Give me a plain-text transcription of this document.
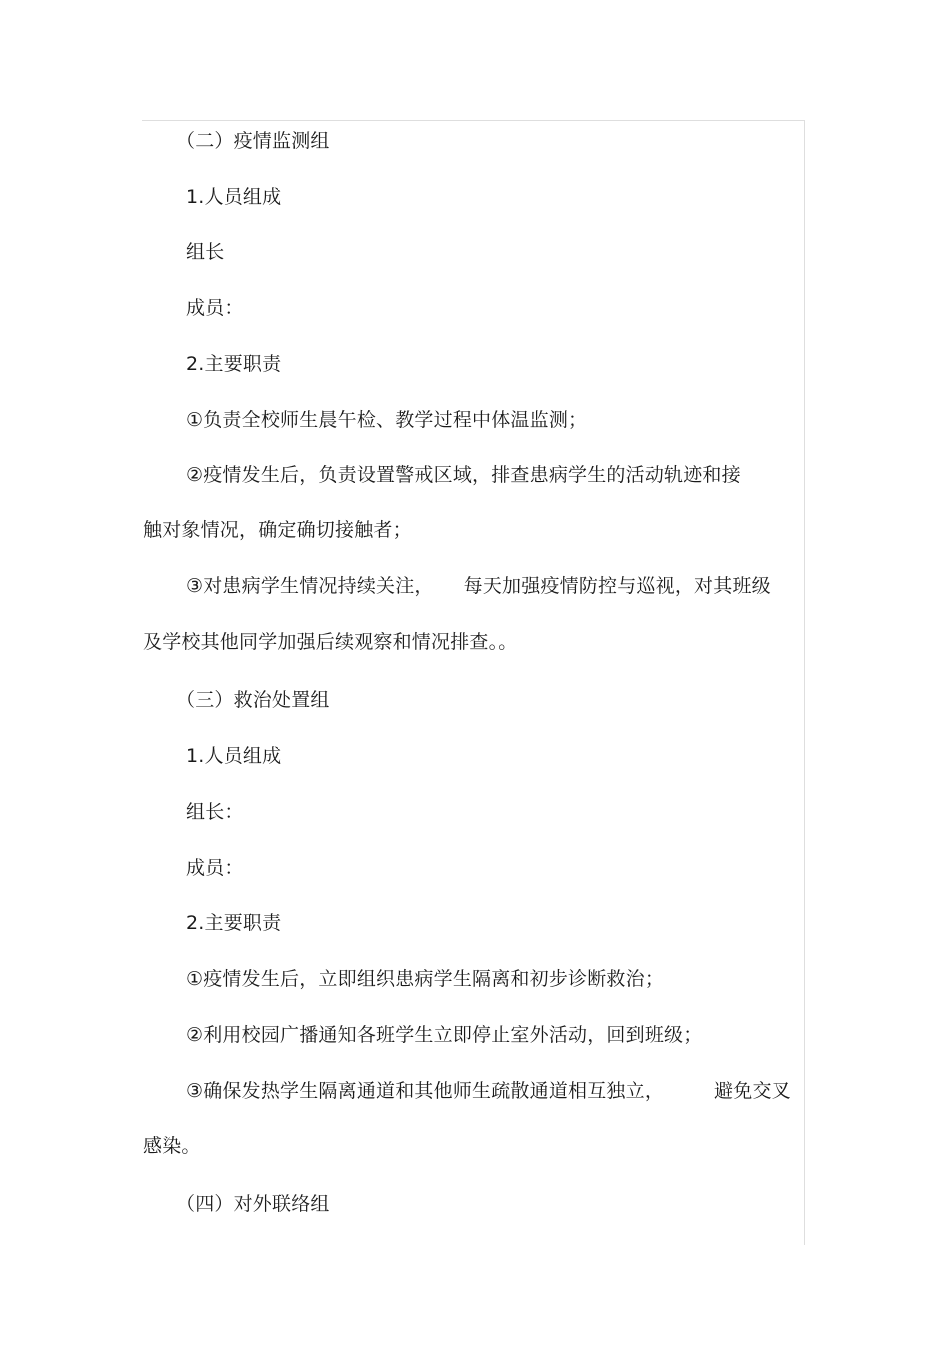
（二）疫情监测组
1.人员组成
组长
成员：
2.主要职责
①负责全校师生晨午检、教学过程中体温监测；
②疫情发生后，负责设置警戒区域，排查患病学生的活动轨迹和接
触对象情况，确定确切接触者；
③对患病学生情况持续关注， 每天加强疫情防控与巡视，对其班级
及学校其他同学加强后续观察和情况排查。。
（三）救治处置组
1.人员组成
组长：
成员：
2.主要职责
①疫情发生后，立即组织患病学生隔离和初步诊断救治；
②利用校园广播通知各班学生立即停止室外活动，回到班级；
③确保发热学生隔离通道和其他师生疏散通道相互独立，	避免交叉
感染。
（四）对外联络组
